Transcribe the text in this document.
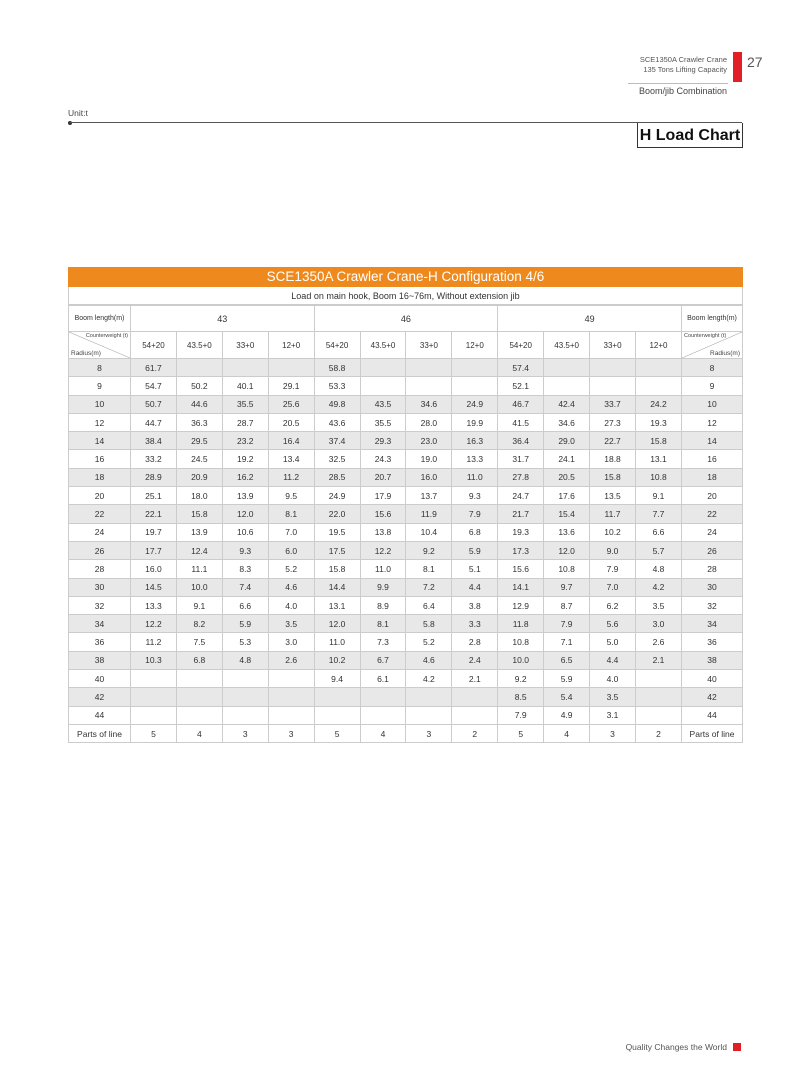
SCE1350A Crawler Crane
135 Tons Lifting Capacity 27
Boom/jib Combination
Unit:t
H Load Chart
SCE1350A Crawler Crane-H Configuration 4/6
Load on main hook, Boom 16~76m, Without extension jib
Boom length(m)	43				46				49				Boom length(m)

Counterweight (t)
Radius(m)	54+20	43.5+0	33+0	12+0	54+20	43.5+0	33+0	12+0	54+20	43.5+0	33+0	12+0	Counterweight (t)
Radius(m)

8	61.7				58.8				57.4				8
9	54.7	50.2	40.1	29.1	53.3				52.1				9
10	50.7	44.6	35.5	25.6	49.8	43.5	34.6	24.9	46.7	42.4	33.7	24.2	10
12	44.7	36.3	28.7	20.5	43.6	35.5	28.0	19.9	41.5	34.6	27.3	19.3	12
14	38.4	29.5	23.2	16.4	37.4	29.3	23.0	16.3	36.4	29.0	22.7	15.8	14
16	33.2	24.5	19.2	13.4	32.5	24.3	19.0	13.3	31.7	24.1	18.8	13.1	16
18	28.9	20.9	16.2	11.2	28.5	20.7	16.0	11.0	27.8	20.5	15.8	10.8	18
20	25.1	18.0	13.9	9.5	24.9	17.9	13.7	9.3	24.7	17.6	13.5	9.1	20
22	22.1	15.8	12.0	8.1	22.0	15.6	11.9	7.9	21.7	15.4	11.7	7.7	22
24	19.7	13.9	10.6	7.0	19.5	13.8	10.4	6.8	19.3	13.6	10.2	6.6	24
26	17.7	12.4	9.3	6.0	17.5	12.2	9.2	5.9	17.3	12.0	9.0	5.7	26
28	16.0	11.1	8.3	5.2	15.8	11.0	8.1	5.1	15.6	10.8	7.9	4.8	28
30	14.5	10.0	7.4	4.6	14.4	9.9	7.2	4.4	14.1	9.7	7.0	4.2	30
32	13.3	9.1	6.6	4.0	13.1	8.9	6.4	3.8	12.9	8.7	6.2	3.5	32
34	12.2	8.2	5.9	3.5	12.0	8.1	5.8	3.3	11.8	7.9	5.6	3.0	34
36	11.2	7.5	5.3	3.0	11.0	7.3	5.2	2.8	10.8	7.1	5.0	2.6	36
38	10.3	6.8	4.8	2.6	10.2	6.7	4.6	2.4	10.0	6.5	4.4	2.1	38
40					9.4	6.1	4.2	2.1	9.2	5.9	4.0		40
42									8.5	5.4	3.5		42
44									7.9	4.9	3.1		44
Parts of line	5	4	3	3	5	4	3	2	5	4	3	2	Parts of line
Quality Changes the World
